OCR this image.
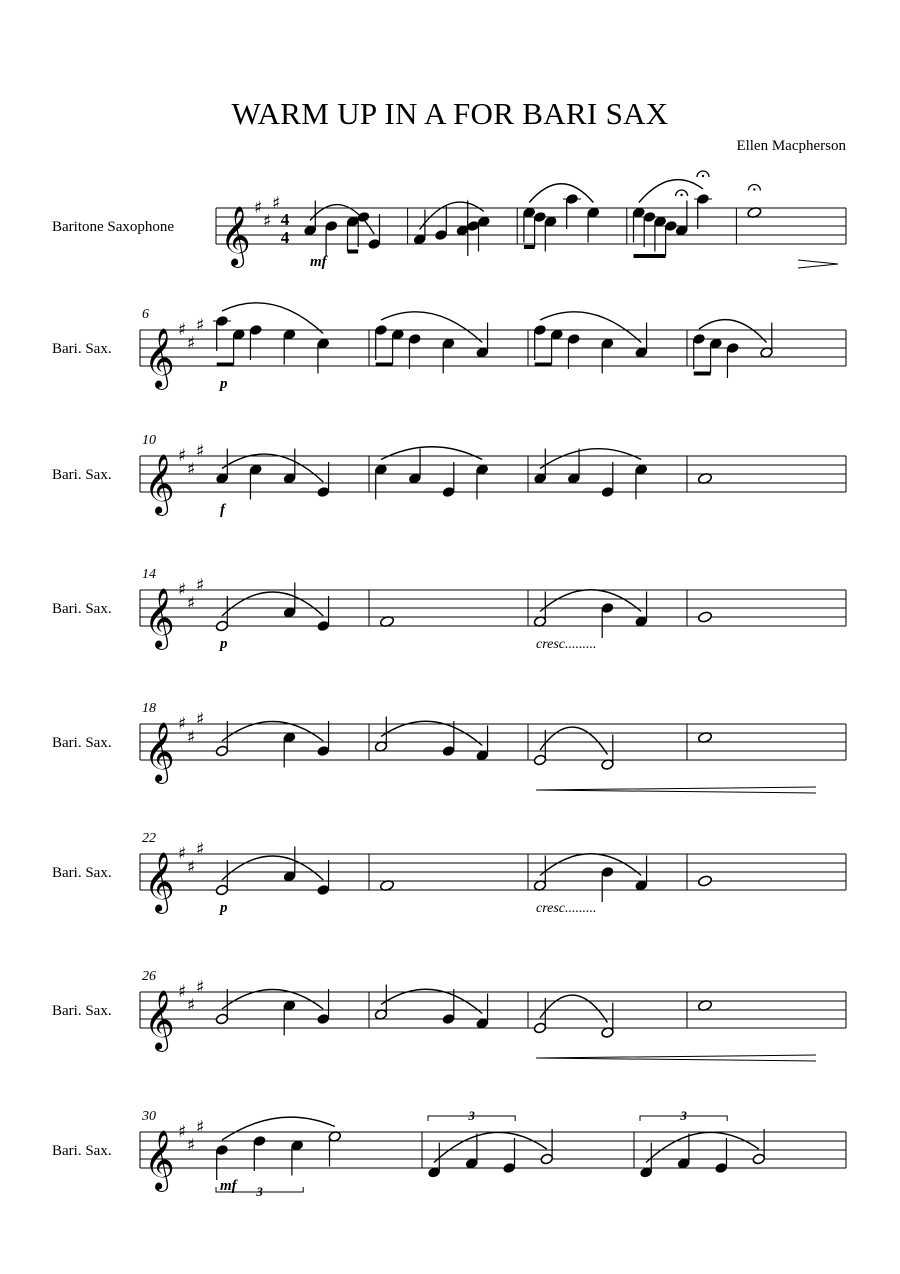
WARM UP IN A FOR BARI SAX
Ellen Macpherson
Baritone Saxophone 𝄞 ♯
♯
♯
4
4
mf
Bari. Sax.
6
𝄞 ♯
♯
♯
p
Bari. Sax.
10
𝄞 ♯
♯
♯
f
Bari. Sax.
14
𝄞 ♯
♯
♯
p	cresc.........
Bari. Sax.
18
𝄞 ♯
♯
♯
Bari. Sax.
22
𝄞 ♯
♯
♯
p	cresc.........
Bari. Sax.
26
𝄞 ♯
♯
♯
Bari. Sax.
30
𝄞 ♯
♯
♯
3
3	3
mf
